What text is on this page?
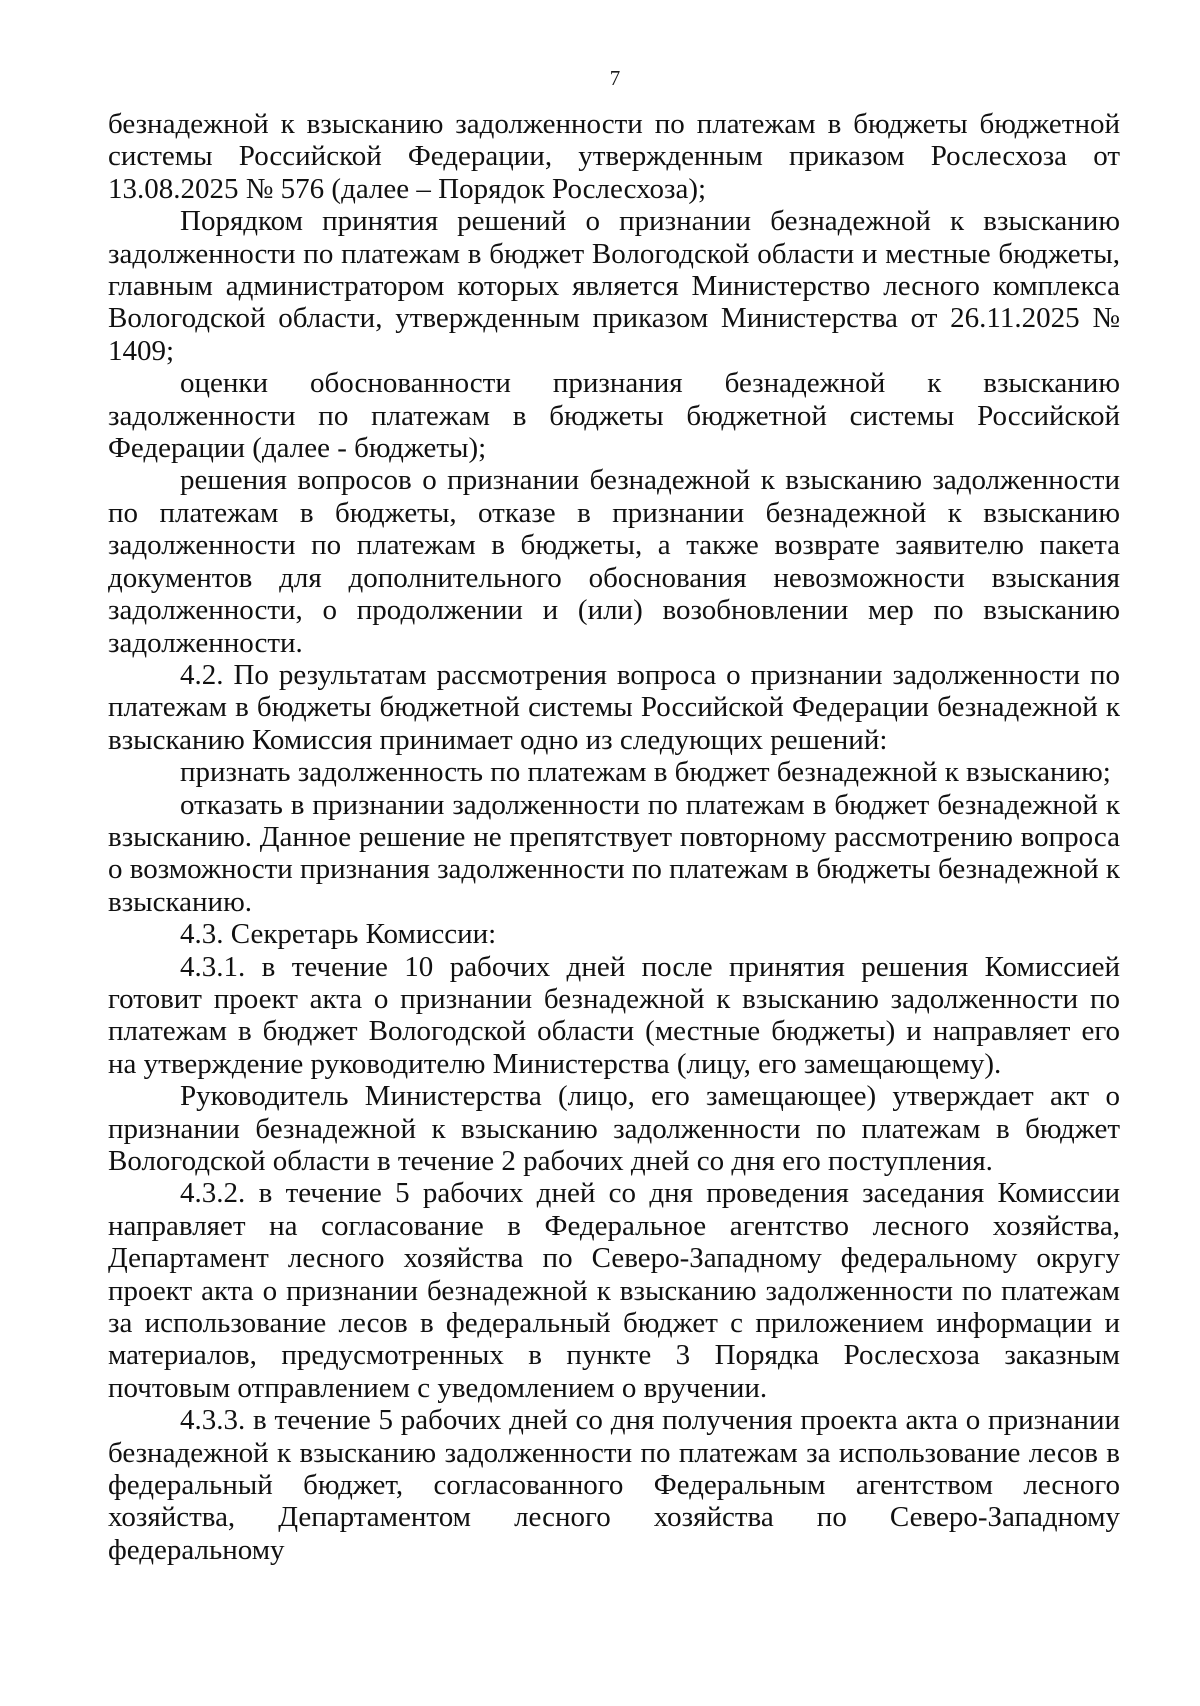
7

безнадежной к взысканию задолженности по платежам в бюджеты бюджетной системы Российской Федерации, утвержденным приказом Рослесхоза от 13.08.2025 № 576 (далее – Порядок Рослесхоза);

Порядком принятия решений о признании безнадежной к взысканию задолженности по платежам в бюджет Вологодской области и местные бюджеты, главным администратором которых является Министерство лесного комплекса Вологодской области, утвержденным приказом Министерства от 26.11.2025 № 1409;

оценки обоснованности признания безнадежной к взысканию задолженности по платежам в бюджеты бюджетной системы Российской Федерации (далее - бюджеты);

решения вопросов о признании безнадежной к взысканию задолженности по платежам в бюджеты, отказе в признании безнадежной к взысканию задолженности по платежам в бюджеты, а также возврате заявителю пакета документов для дополнительного обоснования невозможности взыскания задолженности, о продолжении и (или) возобновлении мер по взысканию задолженности.

4.2. По результатам рассмотрения вопроса о признании задолженности по платежам в бюджеты бюджетной системы Российской Федерации безнадежной к взысканию Комиссия принимает одно из следующих решений:

признать задолженность по платежам в бюджет безнадежной к взысканию;

отказать в признании задолженности по платежам в бюджет безнадежной к взысканию. Данное решение не препятствует повторному рассмотрению вопроса о возможности признания задолженности по платежам в бюджеты безнадежной к взысканию.

4.3. Секретарь Комиссии:

4.3.1. в течение 10 рабочих дней после принятия решения Комиссией готовит проект акта о признании безнадежной к взысканию задолженности по платежам в бюджет Вологодской области (местные бюджеты) и направляет его на утверждение руководителю Министерства (лицу, его замещающему).

Руководитель Министерства (лицо, его замещающее) утверждает акт о признании безнадежной к взысканию задолженности по платежам в бюджет Вологодской области в течение 2 рабочих дней со дня его поступления.

4.3.2. в течение 5 рабочих дней со дня проведения заседания Комиссии направляет на согласование в Федеральное агентство лесного хозяйства, Департамент лесного хозяйства по Северо-Западному федеральному округу проект акта о признании безнадежной к взысканию задолженности по платежам за использование лесов в федеральный бюджет с приложением информации и материалов, предусмотренных в пункте 3 Порядка Рослесхоза заказным почтовым отправлением с уведомлением о вручении.

4.3.3. в течение 5 рабочих дней со дня получения проекта акта о признании безнадежной к взысканию задолженности по платежам за использование лесов в федеральный бюджет, согласованного Федеральным агентством лесного хозяйства, Департаментом лесного хозяйства по Северо-Западному федеральному
